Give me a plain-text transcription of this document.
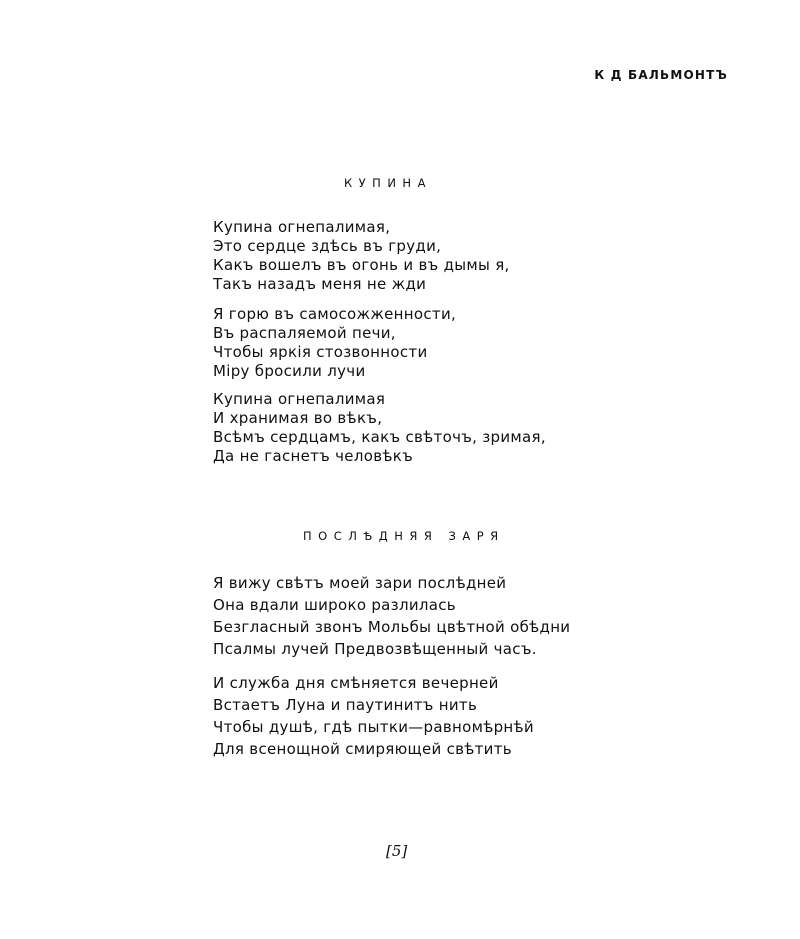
К Д БАЛЬМОНТЪ
КУПИНА
Купина огнепалимая,
Это сердце здѣсь въ груди,
Какъ вошелъ въ огонь и въ дымы я,
Такъ назадъ меня не жди
Я горю въ самосожженности,
Въ распаляемой печи,
Чтобы яркія стозвонности
Міру бросили лучи
Купина огнепалимая
И хранимая во вѣкъ,
Всѣмъ сердцамъ, какъ свѣточъ, зримая,
Да не гаснетъ человѣкъ
ПОСЛѢДНЯЯ ЗАРЯ
Я вижу свѣтъ моей зари послѣдней
Она вдали широко разлилась
Безгласный звонъ Мольбы цвѣтной обѣдни
Псалмы лучей Предвозвѣщенный часъ.
И служба дня смѣняется вечерней
Встаетъ Луна и паутинитъ нить
Чтобы душѣ, гдѣ пытки—равномѣрнѣй
Для всенощной смиряющей свѣтить
[5]
